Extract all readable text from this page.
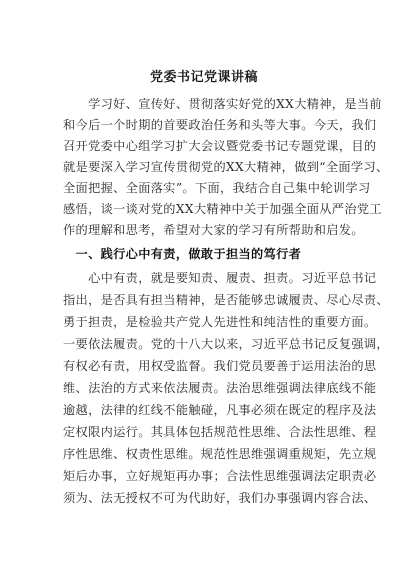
党委书记党课讲稿
　　学习好、宣传好、贯彻落实好党的XX大精神，是当前
和今后一个时期的首要政治任务和头等大事。今天，我们
召开党委中心组学习扩大会议暨党委书记专题党课，目的
就是要深入学习宣传贯彻党的XX大精神，做到“全面学习、
全面把握、全面落实”。下面，我结合自己集中轮训学习
感悟，谈一谈对党的XX大精神中关于加强全面从严治党工
作的理解和思考，希望对大家的学习有所帮助和启发。
　一、践行心中有责，做敢于担当的笃行者
　　心中有责，就是要知责、履责、担责。习近平总书记
指出，是否具有担当精神，是否能够忠诚履责、尽心尽责、
勇于担责，是检验共产党人先进性和纯洁性的重要方面。
一要依法履责。党的十八大以来，习近平总书记反复强调，
有权必有责，用权受监督。我们党员要善于运用法治的思
维、法治的方式来依法履责。法治思维强调法律底线不能
逾越，法律的红线不能触碰，凡事必须在既定的程序及法
定权限内运行。其具体包括规范性思维、合法性思维、程
序性思维、权责性思维。规范性思维强调重规矩，先立规
矩后办事，立好规矩再办事；合法性思维强调法定职责必
须为、法无授权不可为代助好，我们办事强调内容合法、
